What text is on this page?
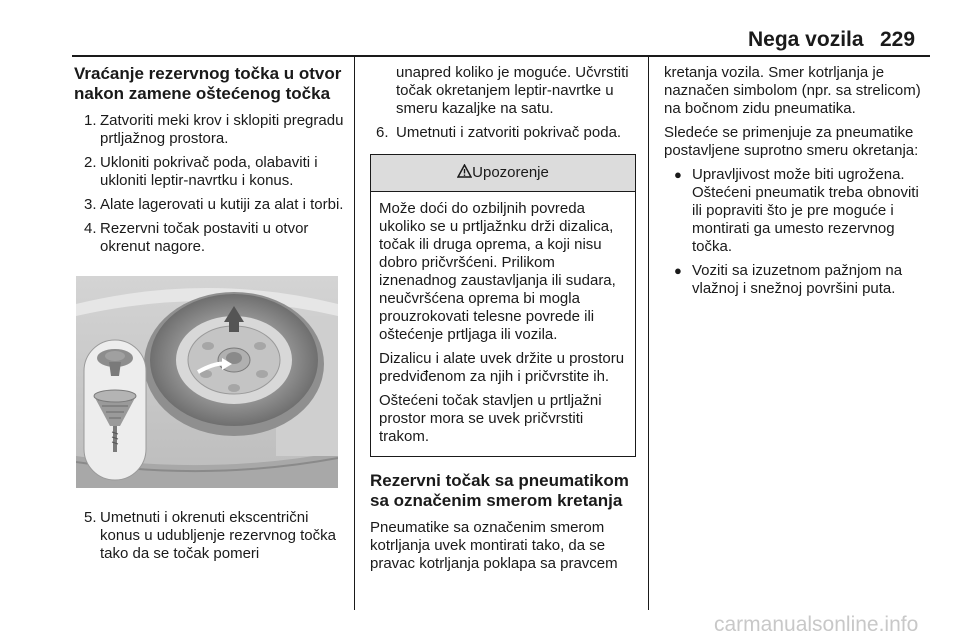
Nega vozila 229
Vraćanje rezervnog točka u otvor nakon zamene oštećenog točka
1. Zatvoriti meki krov i sklopiti pregradu prtljažnog prostora.
2. Ukloniti pokrivač poda, olabaviti i ukloniti leptir-navrtku i konus.
3. Alate lagerovati u kutiji za alat i torbi.
4. Rezervni točak postaviti u otvor okrenut nagore.
5. Umetnuti i okrenuti ekscentrični konus u udubljenje rezervnog točka tako da se točak pomeri
unapred koliko je moguće. Učvrstiti točak okretanjem leptir-navrtke u smeru kazaljke na satu.
6. Umetnuti i zatvoriti pokrivač poda.
Upozorenje

Može doći do ozbiljnih povreda ukoliko se u prtljažnku drži dizalica, točak ili druga oprema, a koji nisu dobro pričvršćeni. Prilikom iznenadnog zaustavljanja ili sudara, neučvršćena oprema bi mogla prouzrokovati telesne povrede ili oštećenje prtljaga ili vozila.

Dizalicu i alate uvek držite u prostoru predviđenom za njih i pričvrstite ih.

Oštećeni točak stavljen u prtljažni prostor mora se uvek pričvrstiti trakom.

Rezervni točak sa pneumatikom sa označenim smerom kretanja

Pneumatike sa označenim smerom kotrljanja uvek montirati tako, da se pravac kotrljanja poklapa sa pravcem

kretanja vozila. Smer kotrljanja je naznačen simbolom (npr. sa strelicom) na bočnom zidu pneumatika.

Sledeće se primenjuje za pneumatike postavljene suprotno smeru okretanja:

● Upravljivost može biti ugrožena. Oštećeni pneumatik treba obnoviti ili popraviti što je pre moguće i montirati ga umesto rezervnog točka.
● Voziti sa izuzetnom pažnjom na vlažnoj i snežnoj površini puta.
carmanualsonline.info
